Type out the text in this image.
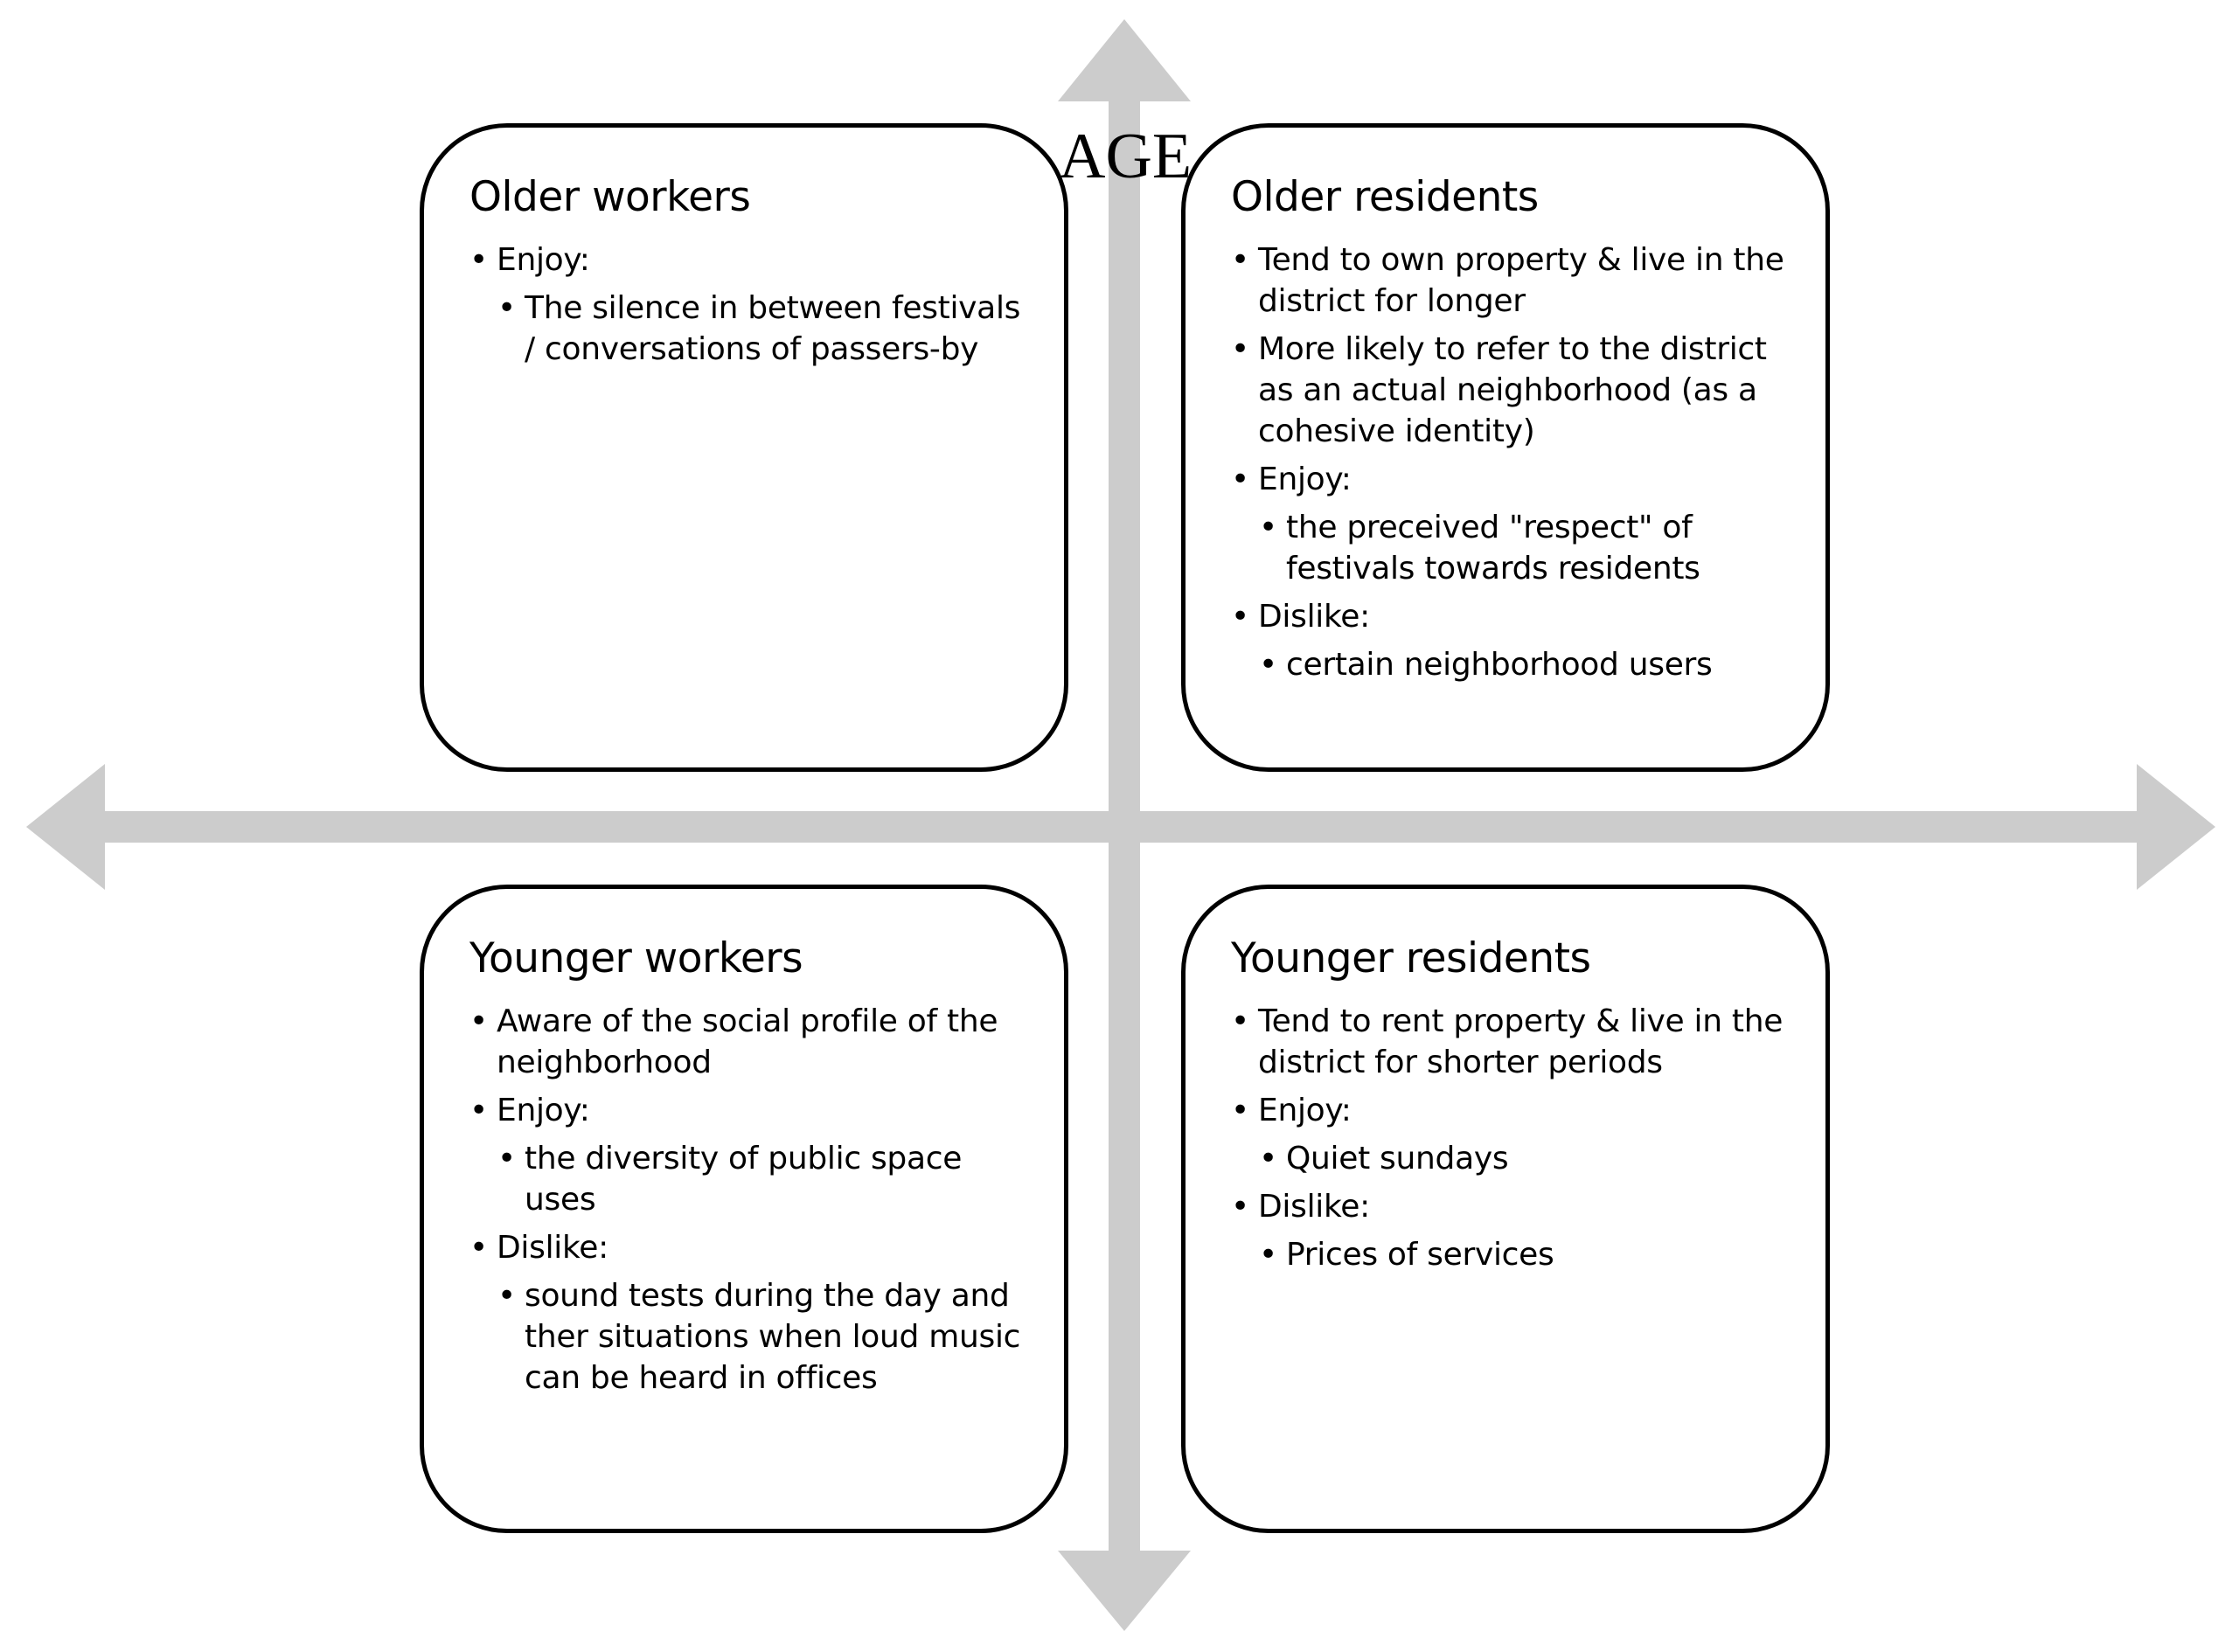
Older workers
• Enjoy:
• The silence in between festivals / conversations of passers-by
Older residents
• Tend to own property & live in the district for longer
• More likely to refer to the district as an actual neighborhood (as a cohesive identity)
• Enjoy:
• the preceived "respect" of festivals towards residents
• Dislike:
• certain neighborhood users
Younger workers
• Aware of the social profile of the neighborhood
• Enjoy:
• the diversity of public space uses
• Dislike:
• sound tests during the day and ther situations when loud music can be heard in offices
Younger residents
• Tend to rent property & live in the district for shorter periods
• Enjoy:
• Quiet sundays
• Dislike:
• Prices of services
AGE
